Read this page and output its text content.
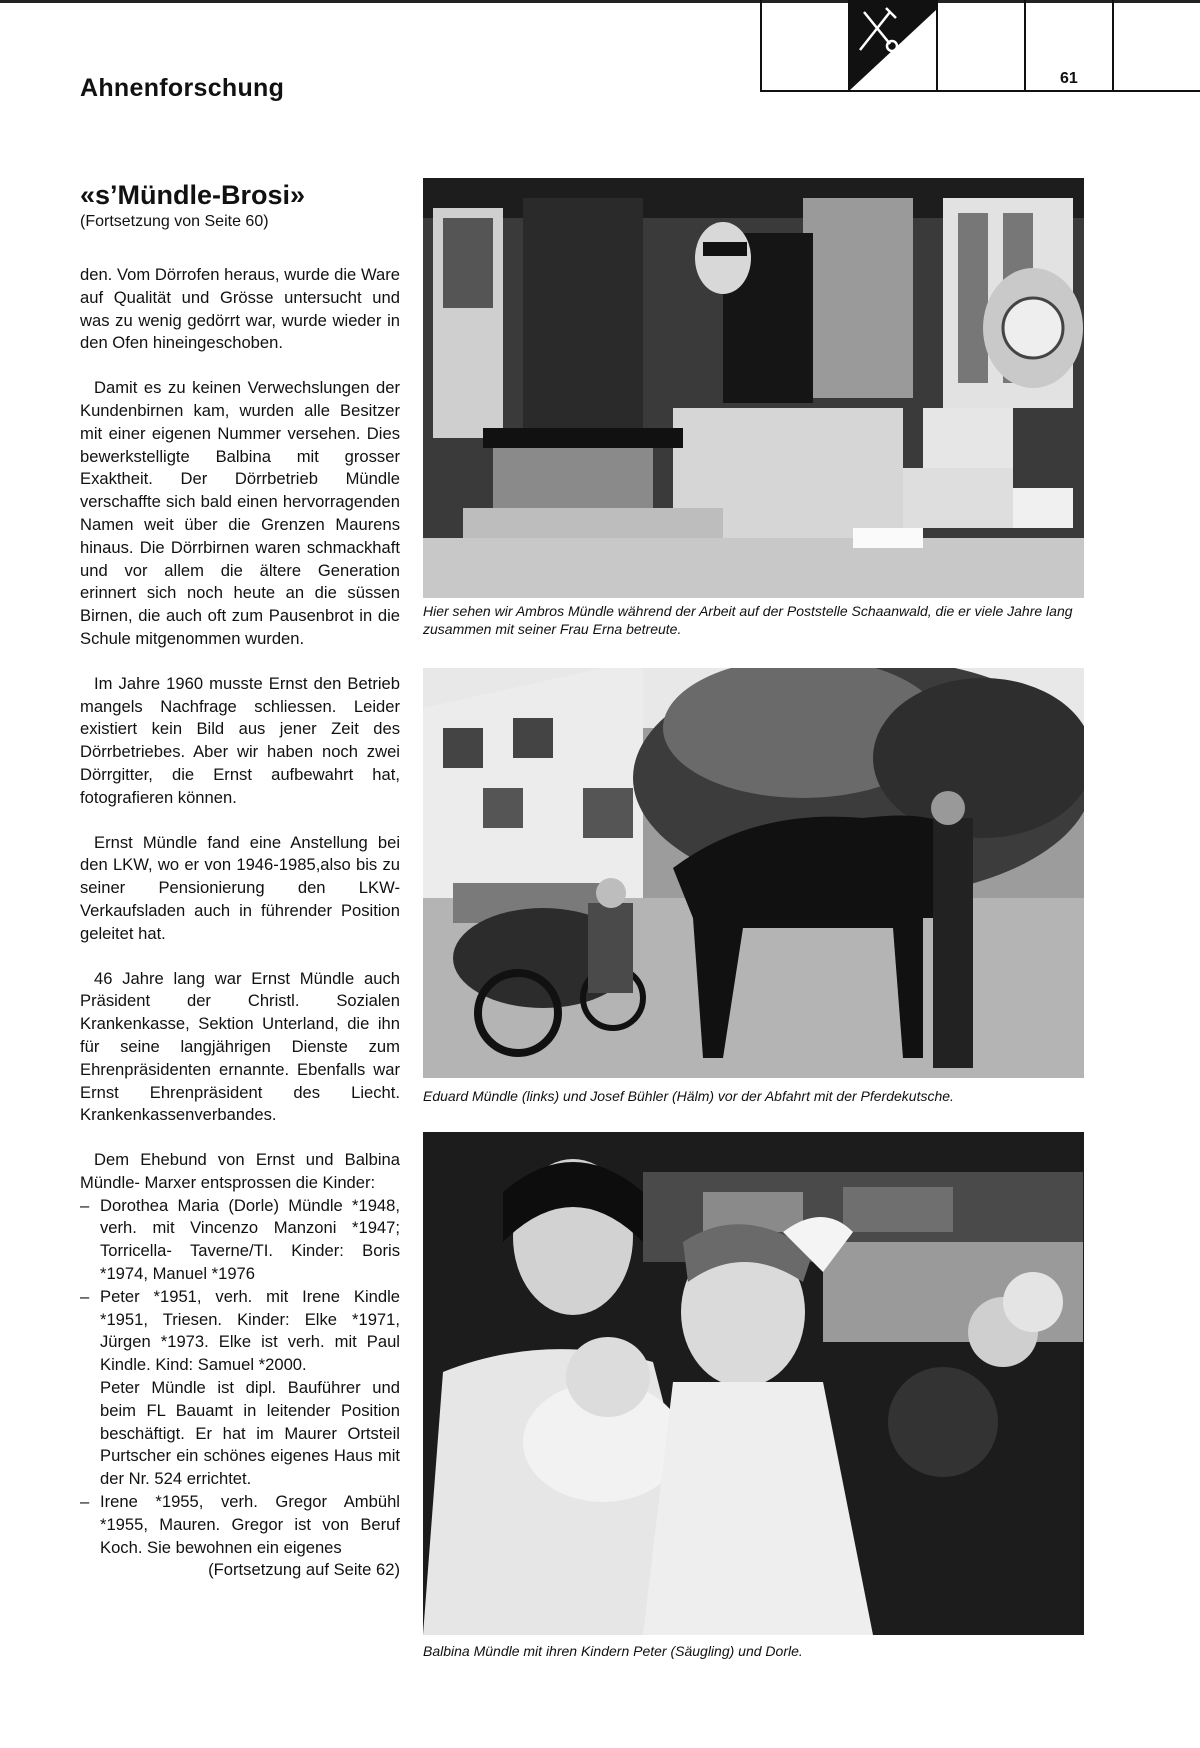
Ahnenforschung	61
«s’Mündle-Brosi»
(Fortsetzung von Seite 60)

den. Vom Dörrofen heraus, wurde die Ware auf Qualität und Grösse untersucht und was zu wenig gedörrt war, wurde wieder in den Ofen hineingeschoben.

Damit es zu keinen Verwechslungen der Kundenbirnen kam, wurden alle Besitzer mit einer eigenen Nummer versehen. Dies bewerkstelligte Balbina mit grosser Exaktheit. Der Dörrbetrieb Mündle verschaffte sich bald einen hervorragenden Namen weit über die Grenzen Maurens hinaus. Die Dörrbirnen waren schmackhaft und vor allem die ältere Generation erinnert sich noch heute an die süssen Birnen, die auch oft zum Pausenbrot in die Schule mitgenommen wurden.

Im Jahre 1960 musste Ernst den Betrieb mangels Nachfrage schliessen. Leider existiert kein Bild aus jener Zeit des Dörrbetriebes. Aber wir haben noch zwei Dörrgitter, die Ernst aufbewahrt hat, fotografieren können.

Ernst Mündle fand eine Anstellung bei den LKW, wo er von 1946-1985,also bis zu seiner Pensionierung den LKW- Verkaufsladen auch in führender Position geleitet hat.

46 Jahre lang war Ernst Mündle auch Präsident der Christl. Sozialen Krankenkasse, Sektion Unterland, die ihn für seine langjährigen Dienste zum Ehrenpräsidenten ernannte. Ebenfalls war Ernst Ehrenpräsident des Liecht. Krankenkassenverbandes.

Dem Ehebund von Ernst und Balbina Mündle- Marxer entsprossen die Kinder:

– Dorothea Maria (Dorle) Mündle *1948, verh. mit Vincenzo Manzoni *1947; Torricella- Taverne/TI. Kinder: Boris *1974, Manuel *1976
– Peter *1951, verh. mit Irene Kindle *1951, Triesen. Kinder: Elke *1971, Jürgen *1973. Elke ist verh. mit Paul Kindle. Kind: Samuel *2000.
Peter Mündle ist dipl. Bauführer und beim FL Bauamt in leitender Position beschäftigt. Er hat im Maurer Ortsteil Purtscher ein schönes eigenes Haus mit der Nr. 524 errichtet.
– Irene *1955, verh. Gregor Ambühl *1955, Mauren. Gregor ist von Beruf Koch. Sie bewohnen ein eigenes
(Fortsetzung auf Seite 62)
Hier sehen wir Ambros Mündle während der Arbeit auf der Poststelle Schaanwald, die er viele Jahre lang zusammen mit seiner Frau Erna betreute.
Eduard Mündle (links) und Josef Bühler (Hälm) vor der Abfahrt mit der Pferdekutsche.
Balbina Mündle mit ihren Kindern Peter (Säugling) und Dorle.
